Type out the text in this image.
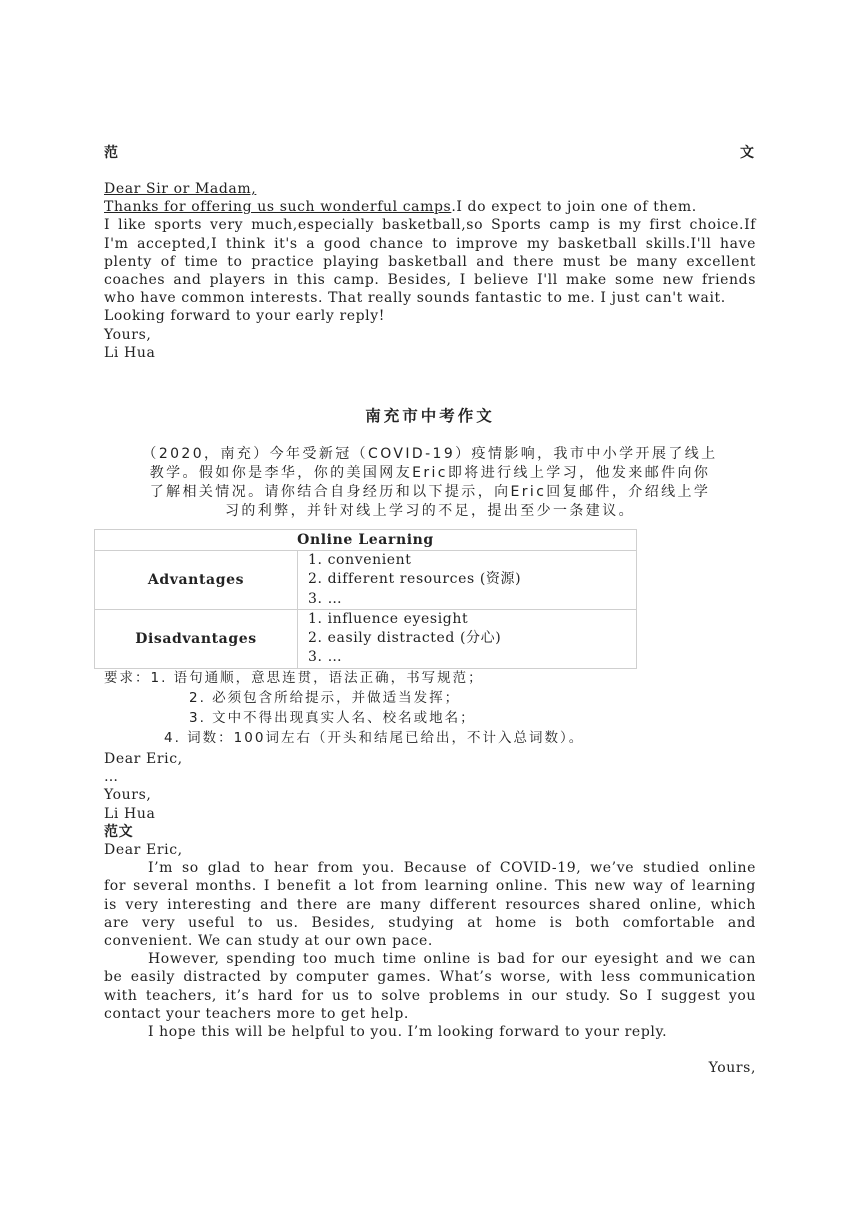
范	文
Dear Sir or Madam,
Thanks for offering us such wonderful camps.I do expect to join one of them.
I like sports very much,especially basketball,so Sports camp is my first choice.If
I'm accepted,I think it's a good chance to improve my basketball skills.I'll have
plenty of time to practice playing basketball and there must be many excellent
coaches and players in this camp. Besides, I believe I'll make some new friends
who have common interests. That really sounds fantastic to me. I just can't wait.
Looking forward to your early reply!
Yours,
Li Hua
南充市中考作文
（2020，南充）今年受新冠（COVID-19）疫情影响，我市中小学开展了线上
教学。假如你是李华，你的美国网友Eric即将进行线上学习，他发来邮件向你
了解相关情况。请你结合自身经历和以下提示，向Eric回复邮件，介绍线上学
习的利弊，并针对线上学习的不足，提出至少一条建议。
Online Learning	
Advantages	1. convenient
2. different resources (资源)
3. …

Disadvantages	1. influence eyesight
2. easily distracted (分心)
3. …
要求：1. 语句通顺，意思连贯，语法正确，书写规范；
2. 必须包含所给提示，并做适当发挥；
3. 文中不得出现真实人名、校名或地名；
4. 词数：100词左右（开头和结尾已给出，不计入总词数）。
Dear Eric,
…
Yours,
Li Hua
范文
Dear Eric,
I’m so glad to hear from you. Because of COVID-19, we’ve studied online
for several months. I benefit a lot from learning online. This new way of learning
is very interesting and there are many different resources shared online, which
are very useful to us. Besides, studying at home is both comfortable and
convenient. We can study at our own pace.
However, spending too much time online is bad for our eyesight and we can
be easily distracted by computer games. What’s worse, with less communication
with teachers, it’s hard for us to solve problems in our study. So I suggest you
contact your teachers more to get help.
I hope this will be helpful to you. I’m looking forward to your reply.
Yours,
